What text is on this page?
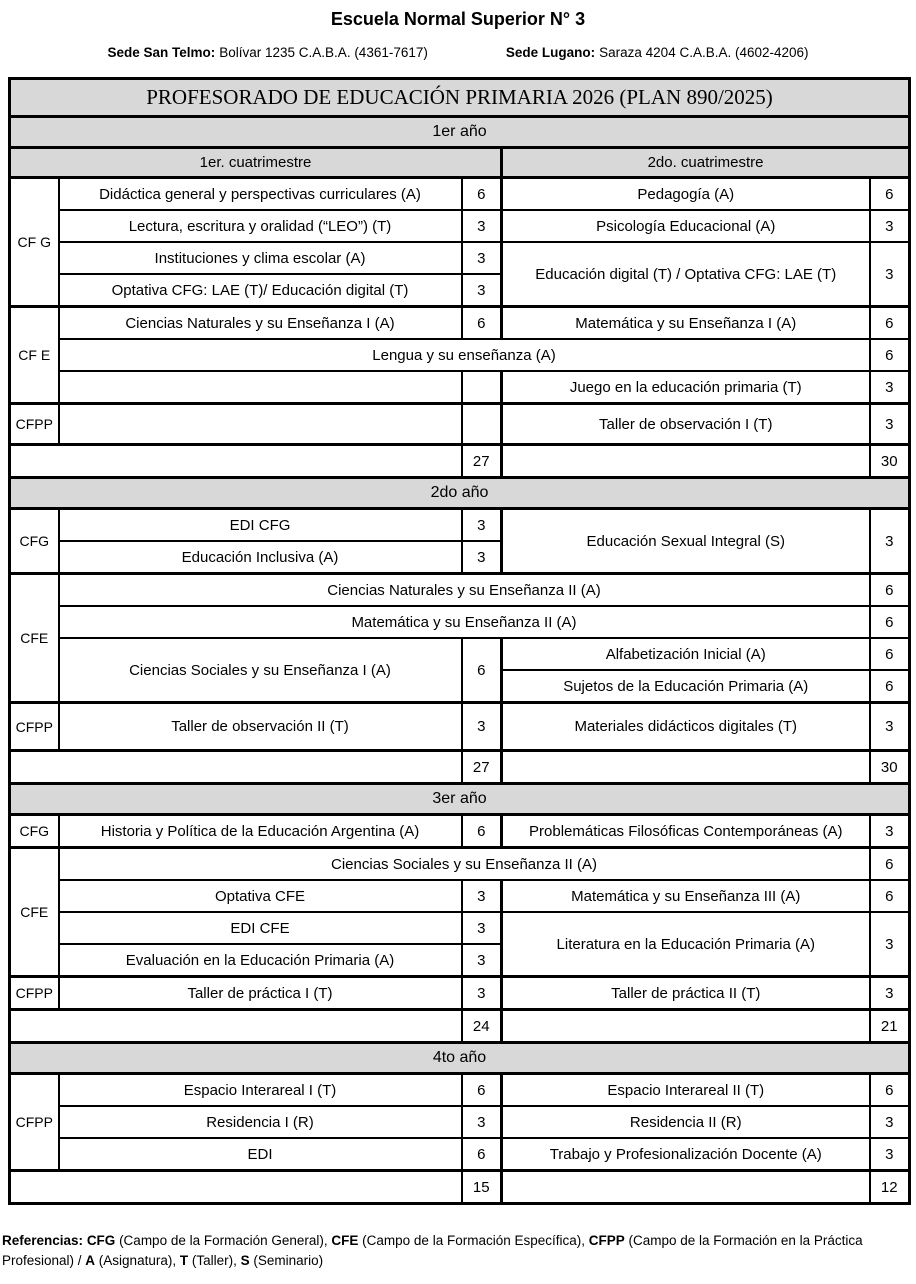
Escuela Normal Superior N° 3
Sede San Telmo: Bolívar 1235 C.A.B.A. (4361-7617)	Sede Lugano: Saraza 4204 C.A.B.A. (4602-4206)
PROFESORADO DE EDUCACIÓN PRIMARIA 2026 (PLAN 890/2025)				
1er año				
1er. cuatrimestre			2do. cuatrimestre	
CF G	Didáctica general y perspectivas curriculares (A)	6	Pedagogía (A)	6
	Lectura, escritura y oralidad (“LEO”) (T)	3	Psicología Educacional (A)	3
	Instituciones y clima escolar (A)	3	Educación digital (T) / Optativa CFG: LAE (T)	3
	Optativa CFG: LAE (T)/ Educación digital (T)	3		
CF E	Ciencias Naturales y su Enseñanza I (A)	6	Matemática y su Enseñanza I (A)	6
	Lengua y su enseñanza (A)			6
			Juego en la educación primaria (T)	3
CFPP			Taller de observación I (T)	3
		27		30
2do año				
CFG	EDI CFG	3	Educación Sexual Integral (S)	3
	Educación Inclusiva (A)	3		
CFE	Ciencias Naturales y su Enseñanza II (A)			6
	Matemática y su Enseñanza II (A)			6
	Ciencias Sociales y su Enseñanza I (A)	6	Alfabetización Inicial (A)	6
			Sujetos de la Educación Primaria (A)	6
CFPP	Taller de observación II (T)	3	Materiales didácticos digitales (T)	3
		27		30
3er año				
CFG	Historia y Política de la Educación Argentina (A)	6	Problemáticas Filosóficas Contemporáneas (A)	3
CFE	Ciencias Sociales y su Enseñanza II (A)			6
	Optativa CFE	3	Matemática y su Enseñanza III (A)	6
	EDI CFE	3	Literatura en la Educación Primaria (A)	3
	Evaluación en la Educación Primaria (A)	3		
CFPP	Taller de práctica I (T)	3	Taller de práctica II (T)	3
		24		21
4to año				
CFPP	Espacio Interareal I (T)	6	Espacio Interareal II (T)	6
	Residencia I (R)	3	Residencia II (R)	3
	EDI	6	Trabajo y Profesionalización Docente (A)	3
		15		12

Referencias: CFG (Campo de la Formación General), CFE (Campo de la Formación Específica), CFPP (Campo de la Formación en la Práctica Profesional) / A (Asignatura), T (Taller), S (Seminario)
